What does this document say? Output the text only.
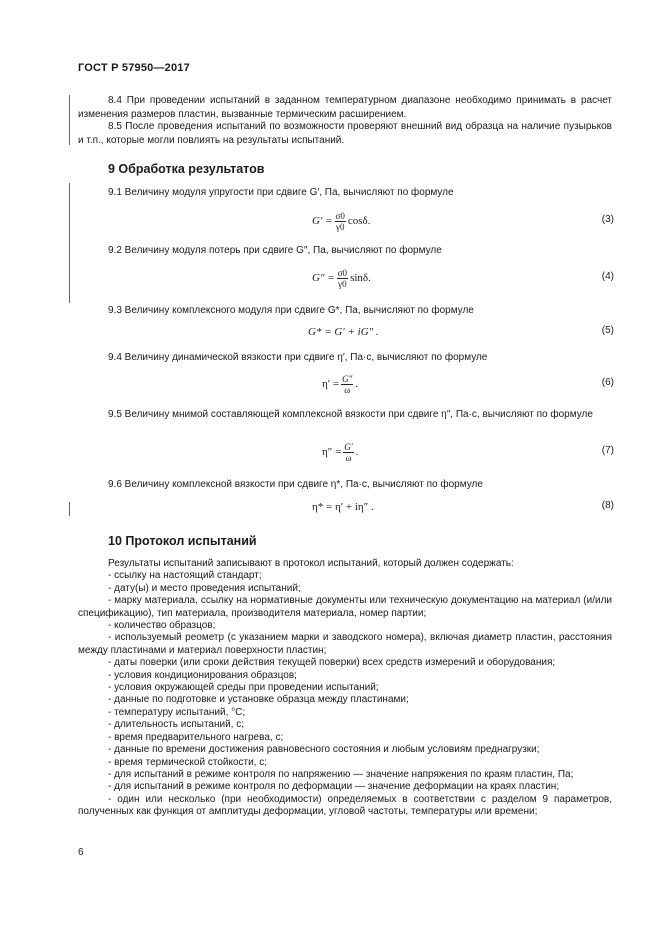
ГОСТ Р 57950—2017

8.4 При проведении испытаний в заданном температурном диапазоне необходимо принимать в расчет изменения размеров пластин, вызванные термическим расширением.

8.5 После проведения испытаний по возможности проверяют внешний вид образца на наличие пузырьков и т.п., которые могли повлиять на результаты испытаний.

9 Обработка результатов

9.1 Величину модуля упругости при сдвиге G′, Па, вычисляют по формуле

$G' = \frac{\sigma 0}{\gamma 0} \cos\delta$.	(3)

9.2 Величину модуля потерь при сдвиге G″, Па, вычисляют по формуле

$G'' = \frac{\sigma 0}{\gamma 0} \sin\delta$.	(4)

9.3 Величину комплексного модуля при сдвиге G*, Па, вычисляют по формуле

G* = G′ + iG″ .	(5)

9.4 Величину динамической вязкости при сдвиге η′, Па·с, вычисляют по формуле

$\eta' = \frac{G''}{\omega}$ .	(6)

9.5 Величину мнимой составляющей комплексной вязкости при сдвиге η″, Па·с, вычисляют по формуле

$\eta'' = \frac{G'}{\omega}$ .	(7)

9.6 Величину комплексной вязкости при сдвиге η*, Па·с, вычисляют по формуле

η* = η′ + iη″ .	(8)
10 Протокол испытаний

Результаты испытаний записывают в протокол испытаний, который должен содержать:

- ссылку на настоящий стандарт;

- дату(ы) и место проведения испытаний;

- марку материала, ссылку на нормативные документы или техническую документацию на материал (и/или спецификацию), тип материала, производителя материала, номер партии;

- количество образцов;

- используемый реометр (с указанием марки и заводского номера), включая диаметр пластин, расстояния между пластинами и материал поверхности пластин;

- даты поверки (или сроки действия текущей поверки) всех средств измерений и оборудования;

- условия кондиционирования образцов;

- условия окружающей среды при проведении испытаний;

- данные по подготовке и установке образца между пластинами;

- температуру испытаний, °С;

- длительность испытаний, с;

- время предварительного нагрева, с;

- данные по времени достижения равновесного состояния и любым условиям преднагрузки;

- время термической стойкости, с;

- для испытаний в режиме контроля по напряжению — значение напряжения по краям пластин, Па;

- для испытаний в режиме контроля по деформации — значение деформации на краях пластин;

- один или несколько (при необходимости) определяемых в соответствии с разделом 9 параметров, полученных как функция от амплитуды деформации, угловой частоты, температуры или времени;

6
